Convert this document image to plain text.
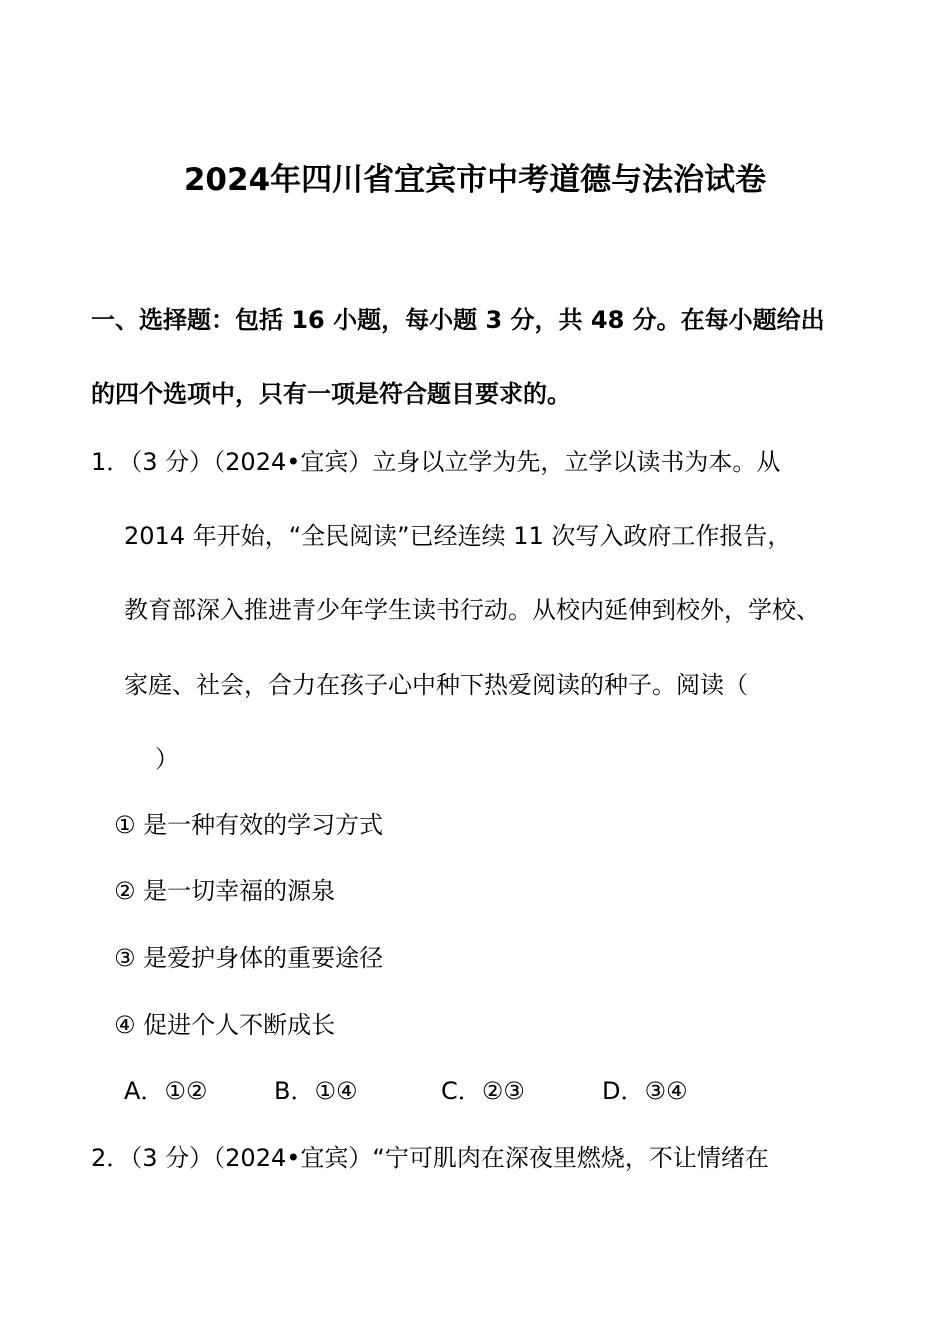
2024年四川省宜宾市中考道德与法治试卷
一、选择题：包括 16 小题，每小题 3 分，共 48 分。在每小题给出
的四个选项中，只有一项是符合题目要求的。
1．（3 分）（2024•宜宾）立身以立学为先，立学以读书为本。从
2014 年开始，“全民阅读”已经连续 11 次写入政府工作报告，
教育部深入推进青少年学生读书行动。从校内延伸到校外，学校、
家庭、社会，合力在孩子心中种下热爱阅读的种子。阅读（
）
① 是一种有效的学习方式
② 是一切幸福的源泉
③ 是爱护身体的重要途径
④ 促进个人不断成长
A．①②	B．①④	C．②③	D．③④
2．（3 分）（2024•宜宾）“宁可肌肉在深夜里燃烧，不让情绪在
